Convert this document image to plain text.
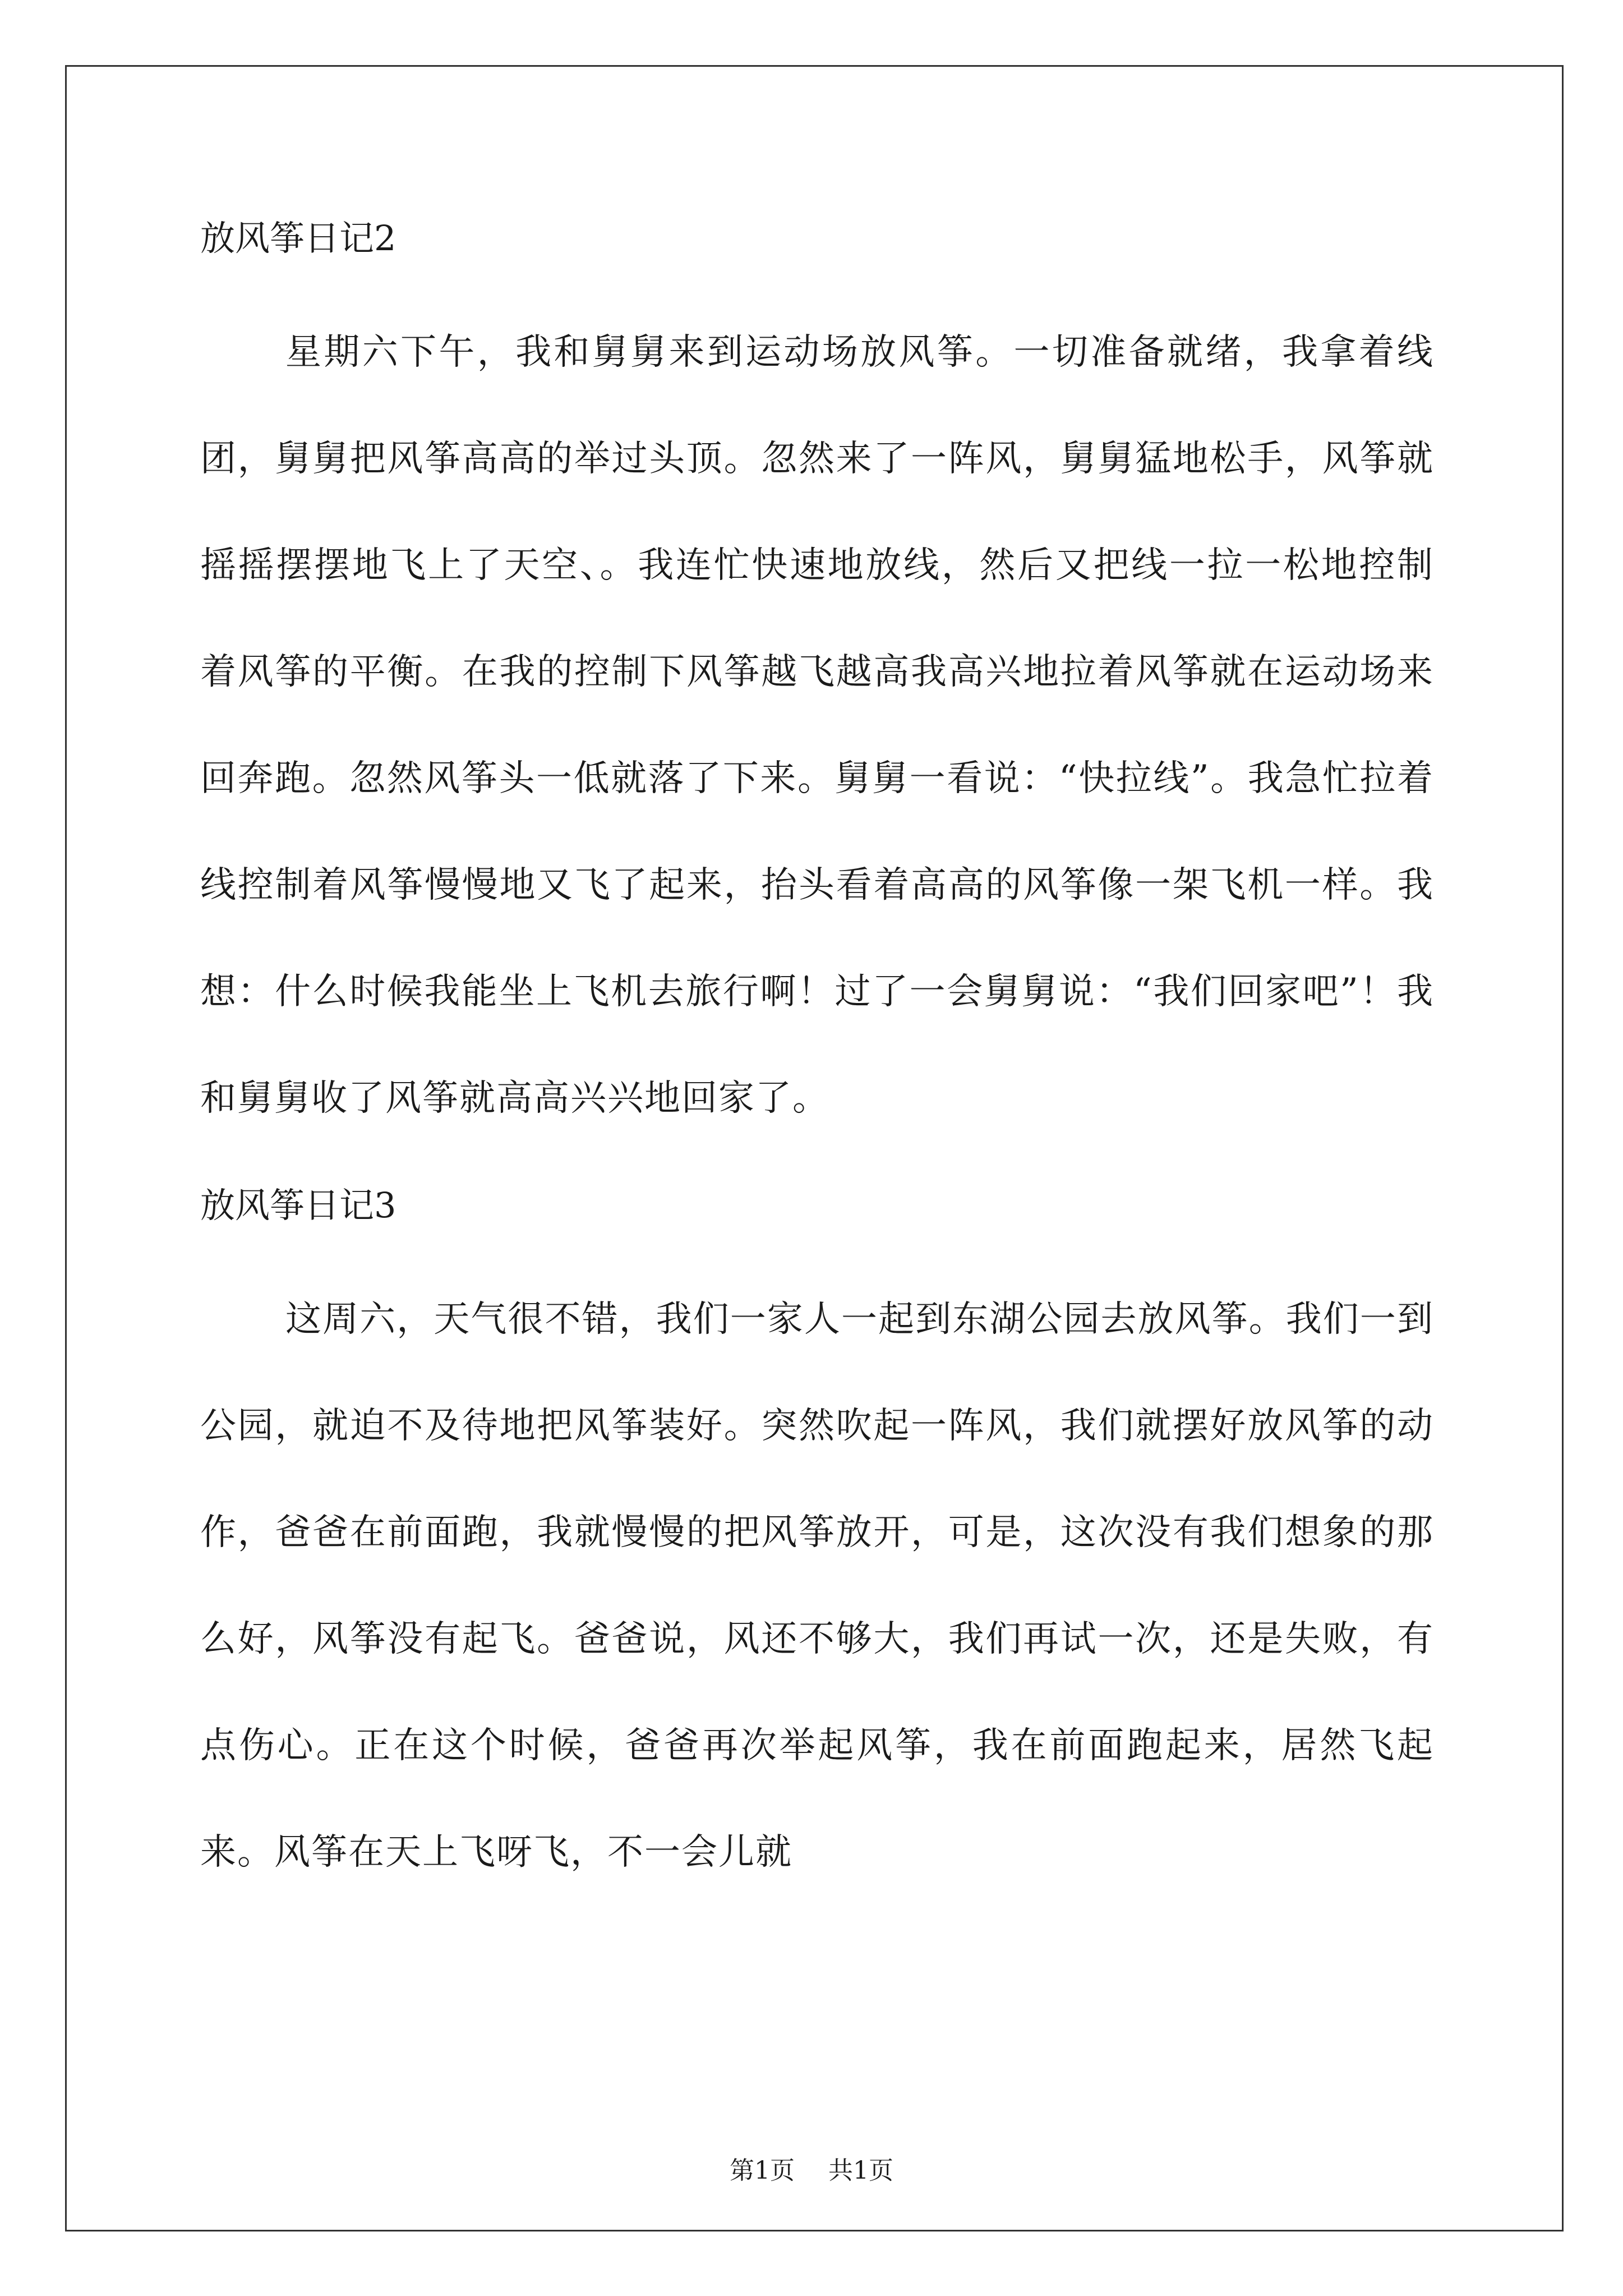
放风筝日记2

星期六下午，我和舅舅来到运动场放风筝。一切准备就绪，我拿着线团，舅舅把风筝高高的举过头顶。忽然来了一阵风，舅舅猛地松手，风筝就摇摇摆摆地飞上了天空、。我连忙快速地放线，然后又把线一拉一松地控制着风筝的平衡。在我的控制下风筝越飞越高我高兴地拉着风筝就在运动场来回奔跑。忽然风筝头一低就落了下来。舅舅一看说：“快拉线”。我急忙拉着线控制着风筝慢慢地又飞了起来，抬头看着高高的风筝像一架飞机一样。我想：什么时候我能坐上飞机去旅行啊！过了一会舅舅说：“我们回家吧”！我和舅舅收了风筝就高高兴兴地回家了。

放风筝日记3

这周六，天气很不错，我们一家人一起到东湖公园去放风筝。我们一到公园，就迫不及待地把风筝装好。突然吹起一阵风，我们就摆好放风筝的动作，爸爸在前面跑，我就慢慢的把风筝放开，可是，这次没有我们想象的那么好，风筝没有起飞。爸爸说，风还不够大，我们再试一次，还是失败，有点伤心。正在这个时候，爸爸再次举起风筝，我在前面跑起来，居然飞起来。风筝在天上飞呀飞，不一会儿就

第1页 共1页
